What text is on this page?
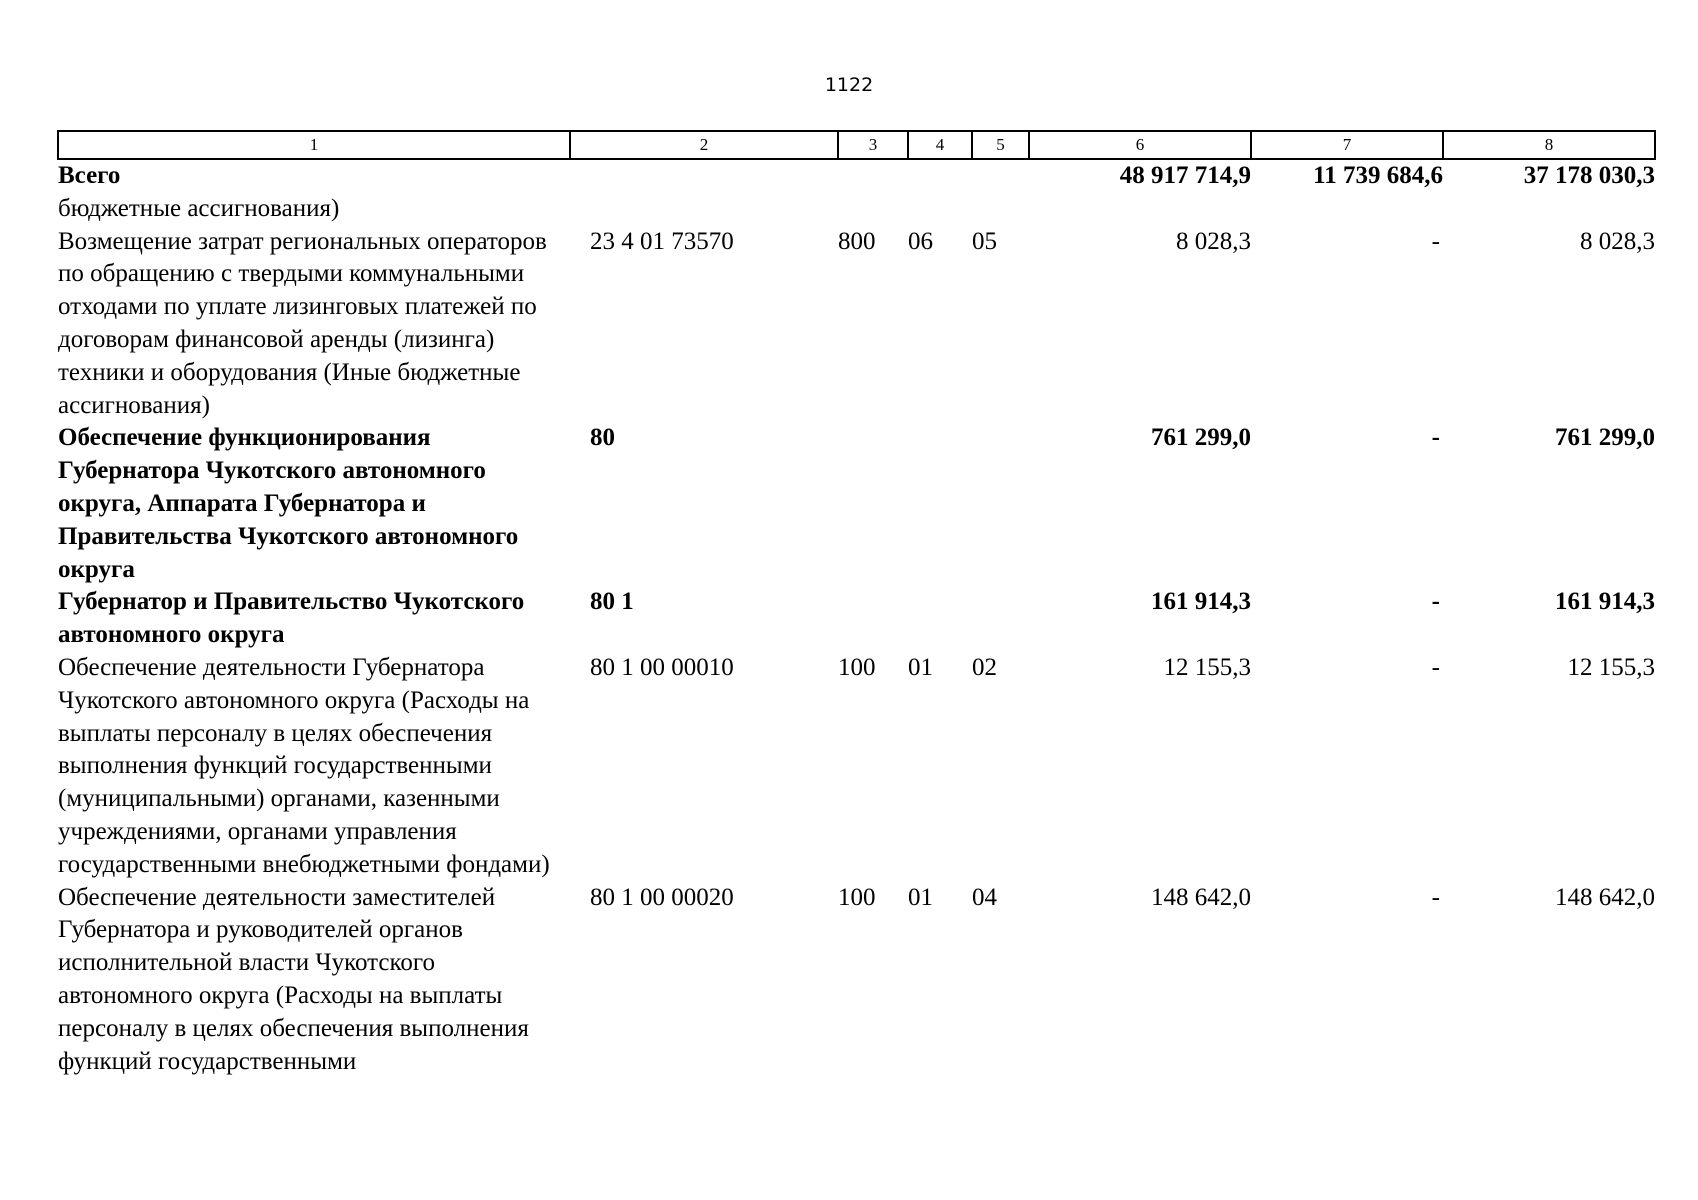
1122
1	2	3	4	5	6	7	8
Всего					48 917 714,9	11 739 684,6	37 178 030,3
бюджетные ассигнования)							
Возмещение затрат региональных операторов по обращению с твердыми коммунальными отходами по уплате лизинговых платежей по договорам финансовой аренды (лизинга) техники и оборудования (Иные бюджетные ассигнования)	23 4 01 73570	800	06	05	8 028,3	-	8 028,3
Обеспечение функционирования Губернатора Чукотского автономного округа, Аппарата Губернатора и Правительства Чукотского автономного округа	80				761 299,0	-	761 299,0
Губернатор и Правительство Чукотского автономного округа	80 1				161 914,3	-	161 914,3
Обеспечение деятельности Губернатора Чукотского автономного округа (Расходы на выплаты персоналу в целях обеспечения выполнения функций государственными (муниципальными) органами, казенными учреждениями, органами управления государственными внебюджетными фондами)	80 1 00 00010	100	01	02	12 155,3	-	12 155,3
Обеспечение деятельности заместителей Губернатора и руководителей органов исполнительной власти Чукотского автономного округа (Расходы на выплаты персоналу в целях обеспечения выполнения функций государственными	80 1 00 00020	100	01	04	148 642,0	-	148 642,0
